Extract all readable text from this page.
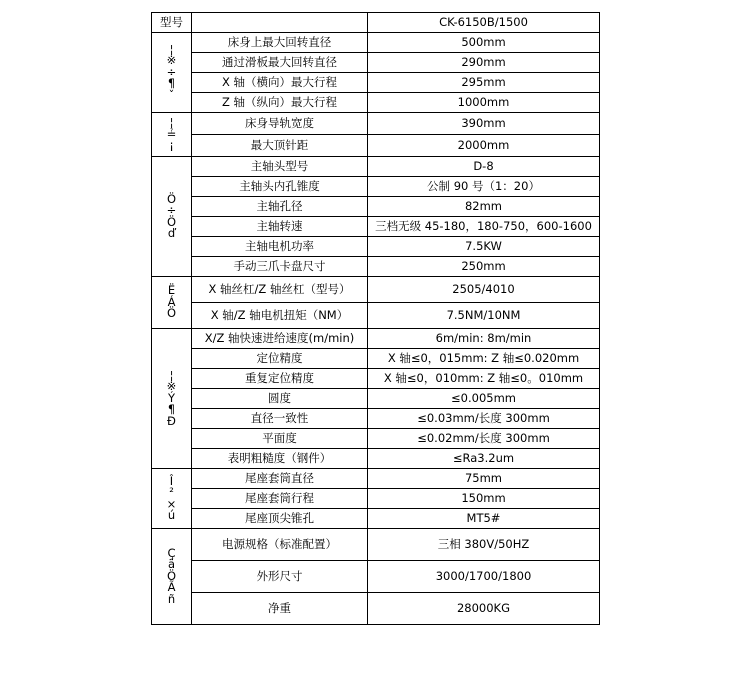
型号		CK-6150B/1500

¦
※
÷
¶
ˇ	床身上最大回转直径	500mm
	通过滑板最大回转直径	290mm
	X 轴（横向）最大行程	295mm
	Z 轴（纵向）最大行程	1000mm

¦
≟
¡	床身导轨宽度	390mm
	最大顶针距	2000mm

Ö
÷
Ö
ď	主轴头型号	D-8
	主轴头内孔锥度	公制 90 号（1：20）
	主轴孔径	82mm
	主轴转速	三档无级 45-180，180-750，600-1600
	主轴电机功率	7.5KW
	手动三爪卡盘尺寸	250mm

Ë
Á
Ö	X 轴丝杠/Z 轴丝杠（型号）	2505/4010
	X 轴/Z 轴电机扭矩（NM）	7.5NM/10NM

¦
※
Ý
¶
Ð	X/Z 轴快速进给速度(m/min)	6m/min: 8m/min
	定位精度	X 轴≤0，015mm: Z 轴≤0.020mm
	重复定位精度	X 轴≤0，010mm: Z 轴≤0。010mm
	圆度	≤0.005mm
	直径一致性	≤0.03mm/长度 300mm
	平面度	≤0.02mm/长度 300mm
	表明粗糙度（钢件）	≤Ra3.2um

Î
²
×
ú	尾座套筒直径	75mm
	尾座套筒行程	150mm
	尾座顶尖锥孔	MT5#

Ç
ä
Ö
Ã
ñ	电源规格（标准配置）	三相 380V/50HZ
	外形尺寸	3000/1700/1800
	净重	28000KG
